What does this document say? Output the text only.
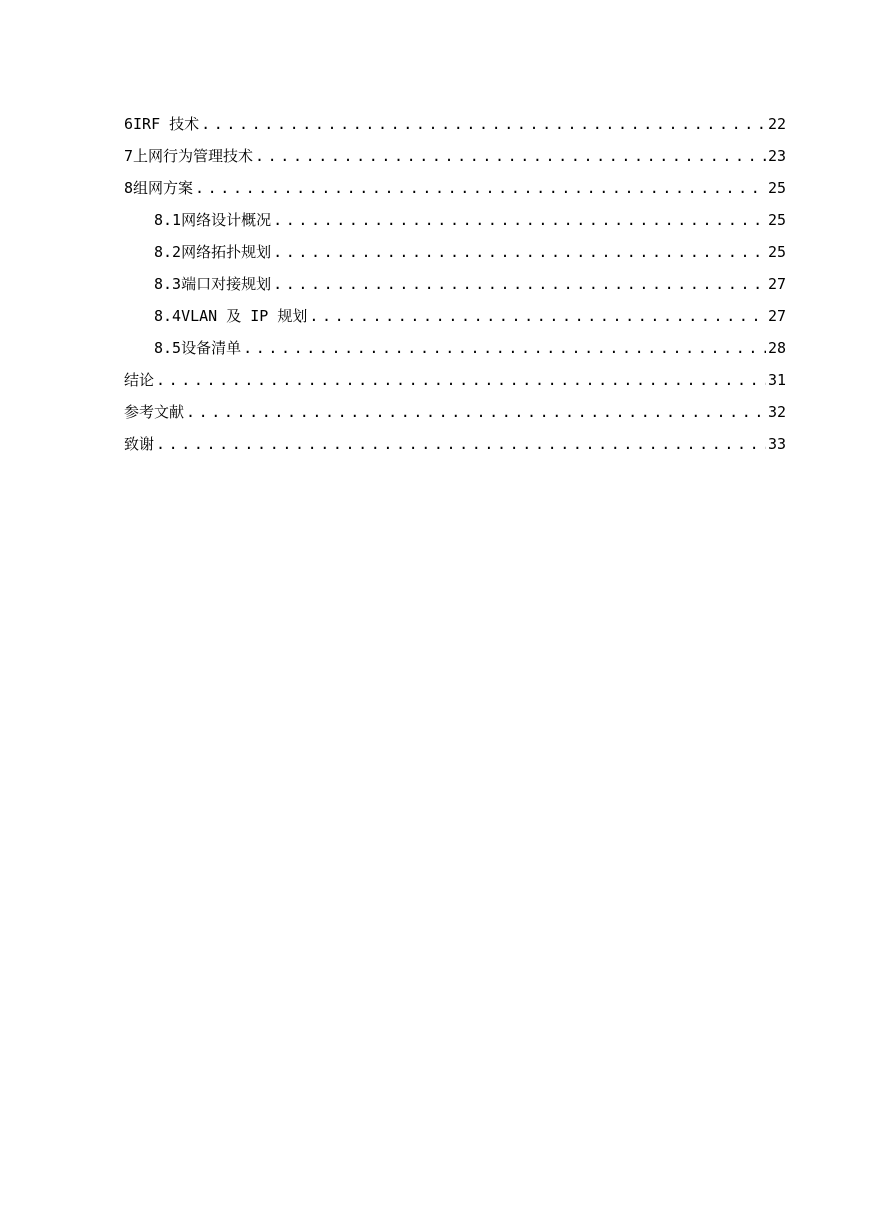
6 IRF 技术 .....	22
7 上网行为管理技术 .....	23
8 组网方案 .....	25
8.1 网络设计概况 .....	25
8.2 网络拓扑规划 .....	25
8.3 端口对接规划 .....	27
8.4 VLAN 及 IP 规划 .....	27
8.5 设备清单 .....	28
结论 .....	31
参考文献 .....	32
致谢 .....	33
